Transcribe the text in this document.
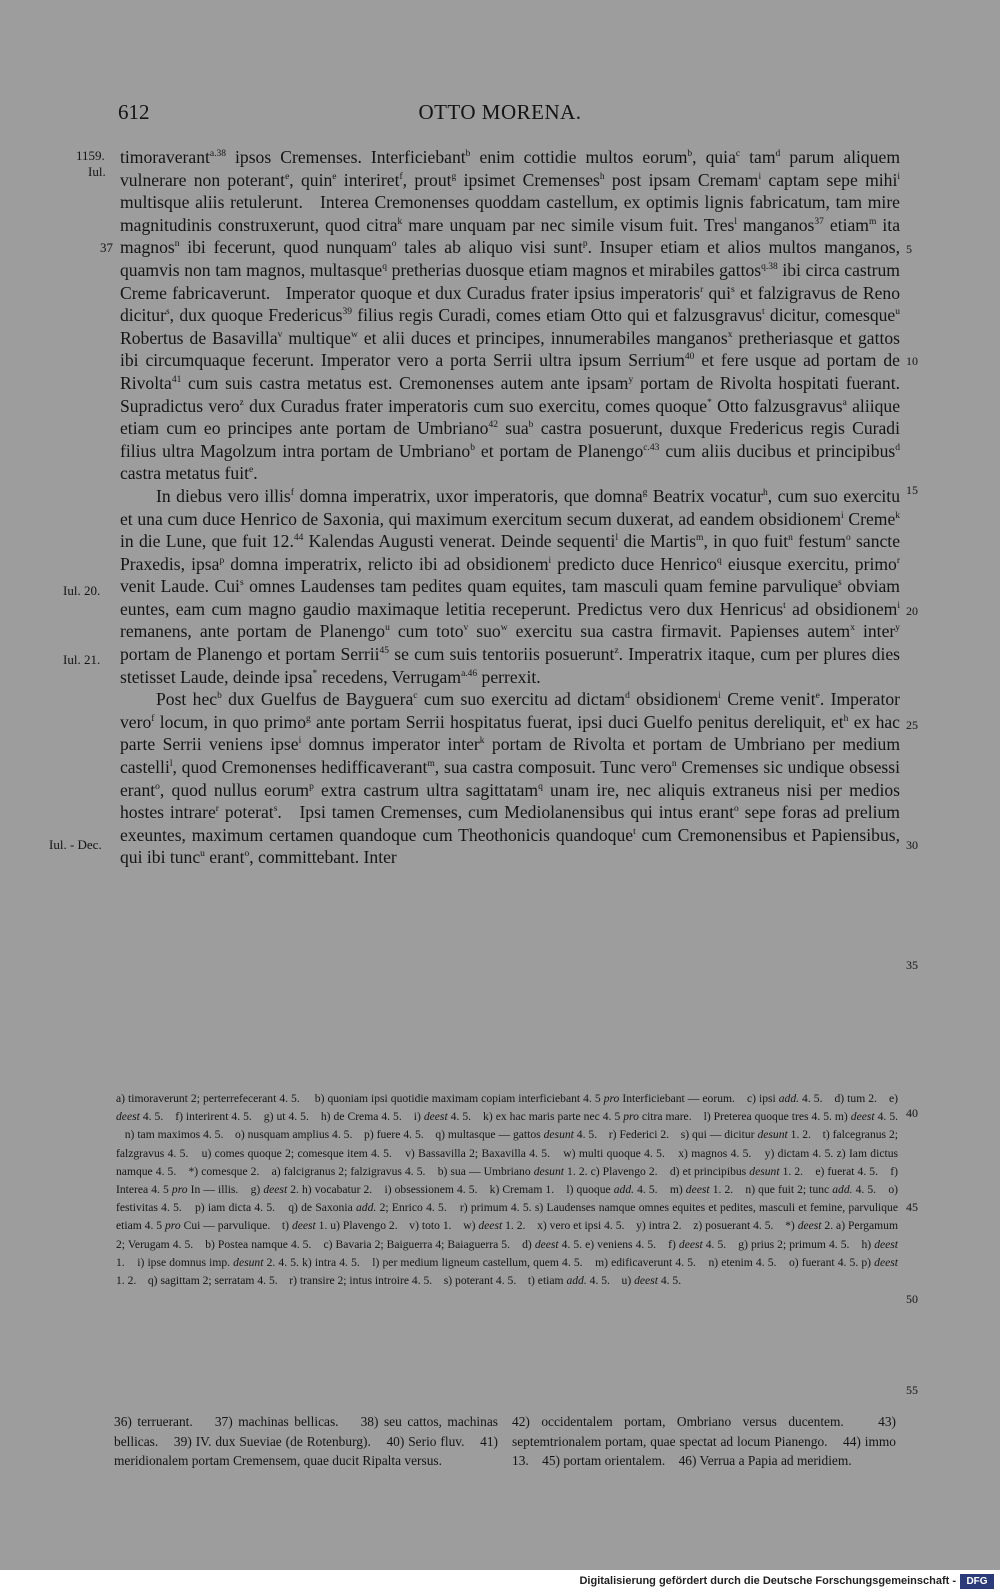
612	OTTO MORENA.
1159.
Iul.
37
Iul. 20.
Iul. 21.
Iul. - Dec.
5
10
15
20
25
30
35
40
45
50
55

timoraverant$^{a.38}$ ipsos Cremenses. Interficiebant$^b$ enim cottidie multos eorum$^b$, quia$^c$ tam$^d$ parum aliquem vulnerare non poterant$^e$, quin$^e$ interiret$^f$, prout$^g$ ipsimet Cremenses$^h$ post ipsam Cremam$^i$ captam sepe mihi$^i$ multisque aliis retulerunt.   Interea Cremonenses quoddam castellum, ex optimis lignis fabricatum, tam mire magnitudinis construxerunt, quod citra$^k$ mare unquam par nec simile visum fuit. Tres$^l$ manganos$^{37}$ etiam$^m$ ita magnos$^n$ ibi fecerunt, quod nunquam$^o$ tales ab aliquo visi sunt$^p$. Insuper etiam et alios multos manganos, quamvis non tam magnos, multasque$^q$ pretherias duosque etiam magnos et mirabiles gattos$^{q.38}$ ibi circa castrum Creme fabricaverunt.   Imperator quoque et dux Curadus frater ipsius imperatoris$^r$ qui$^s$ et falzigravus de Reno dicitur$^s$, dux quoque Fredericus$^{39}$ filius regis Curadi, comes etiam Otto qui et falzusgravus$^t$ dicitur, comesque$^u$ Robertus de Basavilla$^v$ multique$^w$ et alii duces et principes, innumerabiles manganos$^x$ pretheriasque et gattos ibi circumquaque fecerunt. Imperator vero a porta Serrii ultra ipsum Serrium$^{40}$ et fere usque ad portam de Rivolta$^{41}$ cum suis castra metatus est. Cremonenses autem ante ipsam$^y$ portam de Rivolta hospitati fuerant. Supradictus vero$^z$ dux Curadus frater imperatoris cum suo exercitu, comes quoque* Otto falzusgravus$^a$ aliique etiam cum eo principes ante portam de Umbriano$^{42}$ sua$^b$ castra posuerunt, duxque Fredericus regis Curadi filius ultra Magolzum intra portam de Umbriano$^b$ et portam de Planengo$^{c.43}$ cum aliis ducibus et principibus$^d$ castra metatus fuit$^e$.

In diebus vero illis$^f$ domna imperatrix, uxor imperatoris, que domna$^g$ Beatrix vocatur$^h$, cum suo exercitu et una cum duce Henrico de Saxonia, qui maximum exercitum secum duxerat, ad eandem obsidionem$^i$ Creme$^k$ in die Lune, que fuit 12.44 Kalendas Augusti venerat. Deinde sequenti$^l$ die Martis$^m$, in quo fuit$^n$ festum$^o$ sancte Praxedis, ipsa$^p$ domna imperatrix, relicto ibi ad obsidionem$^i$ predicto duce Henrico$^q$ eiusque exercitu, primo$^r$ venit Laude. Cui$^s$ omnes Laudenses tam pedites quam equites, tam masculi quam femine parvulique$^s$ obviam euntes, eam cum magno gaudio maximaque letitia receperunt. Predictus vero dux Henricus$^t$ ad obsidionem$^i$ remanens, ante portam de Planengo$^u$ cum toto$^v$ suo$^w$ exercitu sua castra firmavit. Papienses autem$^x$ inter$^y$ portam de Planengo et portam Serrii$^{45}$ se cum suis tentoriis posuerunt$^z$. Imperatrix itaque, cum per plures dies stetisset Laude, deinde ipsa* recedens, Verrugam$^{a.46}$ perrexit.

Post hec$^b$ dux Guelfus de Bayguera$^c$ cum suo exercitu ad dictam$^d$ obsidionem$^i$ Creme venit$^e$. Imperator vero$^f$ locum, in quo primo$^g$ ante portam Serrii hospitatus fuerat, ipsi duci Guelfo penitus dereliquit, $et^h$ ex hac parte Serrii veniens ipse$^i$ domnus imperator inter$^k$ portam de Rivolta et portam de Umbriano per medium castelli$^l$, quod Cremonenses hedifficaverant$^m$, sua castra composuit. Tunc vero$^n$ Cremenses sic undique obsessi erant$^o$, quod nullus eorum$^p$ extra castrum ultra sagittatam$^q$ unam ire, nec aliquis extraneus nisi per medios hostes intrare$^r$ poterat$^s$.   Ipsi tamen Cremenses, cum Mediolanensibus qui intus erant$^o$ sepe foras ad prelium exeuntes, maximum certamen quandoque cum Theothonicis quandoque$^t$ cum Cremonensibus et Papiensibus, qui ibi tunc$^u$ erant$^o$, committebant. Inter

a) timoraverunt 2; perterrefecerant 4. 5.     b) quoniam ipsi quotidie maximam copiam interficiebant 4. 5 pro Interficiebant — eorum.    c) ipsi add. 4. 5.    d) tum 2.    e) deest 4. 5.    f) interirent 4. 5.    g) ut 4. 5.    h) de Crema 4. 5.    i) deest 4. 5.    k) ex hac maris parte nec 4. 5 pro citra mare.    l) Preterea quoque tres 4. 5. m) deest 4. 5.    n) tam maximos 4. 5.    o) nusquam amplius 4. 5.    p) fuere 4. 5.    q) multasque — gattos desunt 4. 5.    r) Federici 2.    s) qui — dicitur desunt 1. 2.    t) falcegranus 2; falzgravus 4. 5.    u) comes quoque 2; comesque item 4. 5.    v) Bassavilla 2; Baxavilla 4. 5.    w) multi quoque 4. 5.    x) magnos 4. 5.    y) dictam 4. 5. z) Iam dictus namque 4. 5.    *) comesque 2.    a) falcigranus 2; falzigravus 4. 5.    b) sua — Umbriano desunt 1. 2. c) Plavengo 2.    d) et principibus desunt 1. 2.    e) fuerat 4. 5.    f) Interea 4. 5 pro In — illis.    g) deest 2. h) vocabatur 2.    i) obsessionem 4. 5.    k) Cremam 1.    l) quoque add. 4. 5.    m) deest 1. 2.    n) que fuit 2; tunc add. 4. 5.    o) festivitas 4. 5.    p) iam dicta 4. 5.    q) de Saxonia add. 2; Enrico 4. 5.    r) primum 4. 5. s) Laudenses namque omnes equites et pedites, masculi et femine, parvulique etiam 4. 5 pro Cui — parvulique.    t) deest 1. u) Plavengo 2.    v) toto 1.    w) deest 1. 2.    x) vero et ipsi 4. 5.    y) intra 2.    z) posuerant 4. 5.    *) deest 2. a) Pergamum 2; Verugam 4. 5.    b) Postea namque 4. 5.    c) Bavaria 2; Baiguerra 4; Baiaguerra 5.    d) deest 4. 5. e) veniens 4. 5.    f) deest 4. 5.    g) prius 2; primum 4. 5.    h) deest 1.    i) ipse domnus imp. desunt 2. 4. 5. k) intra 4. 5.    l) per medium ligneum castellum, quem 4. 5.    m) edificaverunt 4. 5.    n) etenim 4. 5.    o) fuerant 4. 5. p) deest 1. 2.    q) sagittam 2; serratam 4. 5.    r) transire 2; intus introire 4. 5.    s) poterant 4. 5.    t) etiam add. 4. 5.    u) deest 4. 5.
36) terruerant.    37) machinas bellicas.    38) seu cattos, machinas bellicas.    39) IV. dux Sueviae (de Rotenburg).    40) Serio fluv.    41) meridionalem portam Cremensem, quae ducit Ripalta versus.
42) occidentalem portam, Ombriano versus ducentem.   43) septemtrionalem portam, quae spectat ad locum Pianengo.    44) immo 13.    45) portam orientalem.    46) Verrua a Papia ad meridiem.
Digitalisierung gefördert durch die Deutsche Forschungsgemeinschaft -	DFG
